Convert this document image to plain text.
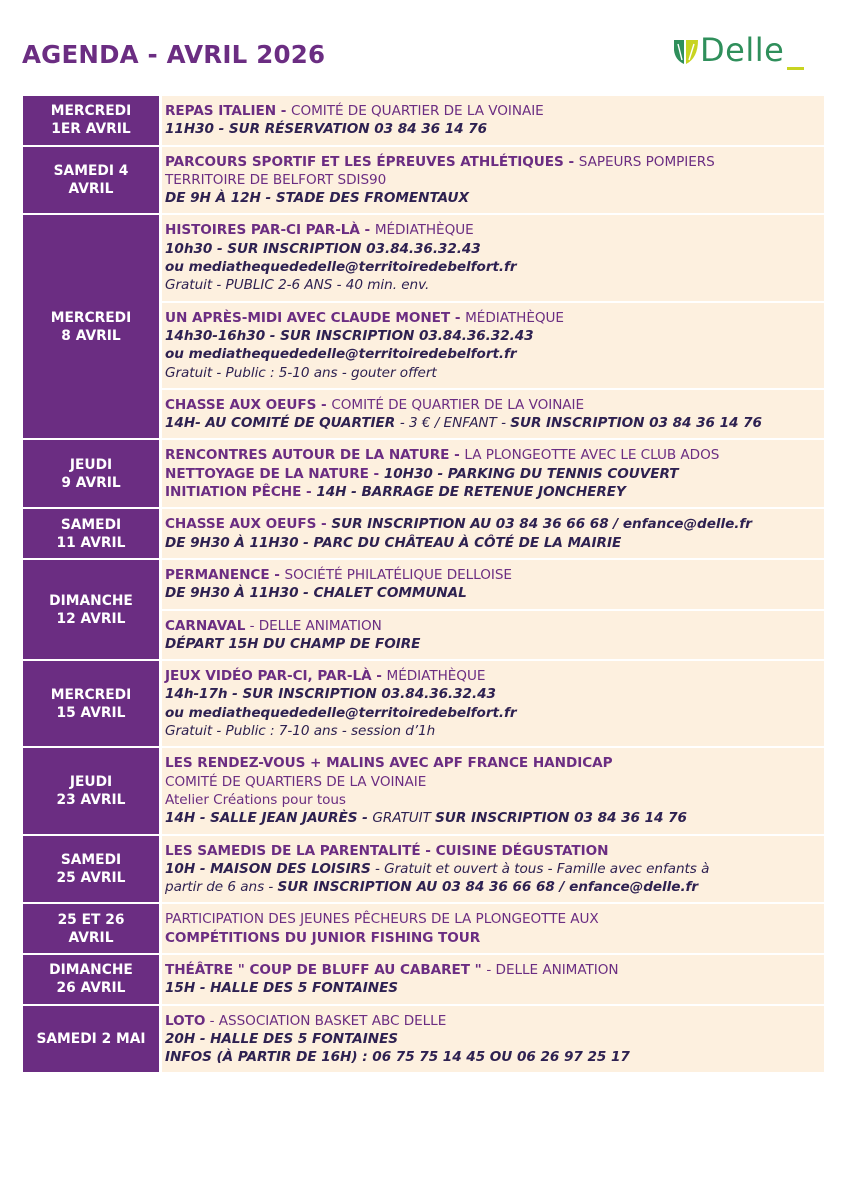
AGENDA - AVRIL 2026	Delle
MERCREDI
1ER AVRIL
REPAS ITALIEN - COMITÉ DE QUARTIER DE LA VOINAIE
11H30 - SUR RÉSERVATION 03 84 36 14 76
SAMEDI 4
AVRIL
PARCOURS SPORTIF ET LES ÉPREUVES ATHLÉTIQUES - SAPEURS POMPIERS
TERRITOIRE DE BELFORT SDIS90
DE 9H À 12H - STADE DES FROMENTAUX
MERCREDI
8 AVRIL
HISTOIRES PAR-CI PAR-LÀ - MÉDIATHÈQUE
10h30 - SUR INSCRIPTION 03.84.36.32.43
ou mediathequededelle@territoiredebelfort.fr
Gratuit - PUBLIC 2-6 ANS - 40 min. env.
UN APRÈS-MIDI AVEC CLAUDE MONET - MÉDIATHÈQUE
14h30-16h30 - SUR INSCRIPTION 03.84.36.32.43
ou mediathequededelle@territoiredebelfort.fr
Gratuit - Public : 5-10 ans - gouter offert
CHASSE AUX OEUFS - COMITÉ DE QUARTIER DE LA VOINAIE
14H- AU COMITÉ DE QUARTIER - 3 € / ENFANT - SUR INSCRIPTION 03 84 36 14 76
JEUDI
9 AVRIL
RENCONTRES AUTOUR DE LA NATURE - LA PLONGEOTTE AVEC LE CLUB ADOS
NETTOYAGE DE LA NATURE - 10H30 - PARKING DU TENNIS COUVERT
INITIATION PÊCHE - 14H - BARRAGE DE RETENUE JONCHEREY
SAMEDI
11 AVRIL
CHASSE AUX OEUFS - SUR INSCRIPTION AU 03 84 36 66 68 / enfance@delle.fr
DE 9H30 À 11H30 - PARC DU CHÂTEAU À CÔTÉ DE LA MAIRIE
DIMANCHE
12 AVRIL
PERMANENCE - SOCIÉTÉ PHILATÉLIQUE DELLOISE
DE 9H30 À 11H30 - CHALET COMMUNAL
CARNAVAL - DELLE ANIMATION
DÉPART 15H DU CHAMP DE FOIRE
MERCREDI
15 AVRIL
JEUX VIDÉO PAR-CI, PAR-LÀ - MÉDIATHÈQUE
14h-17h - SUR INSCRIPTION 03.84.36.32.43
ou mediathequededelle@territoiredebelfort.fr
Gratuit - Public : 7-10 ans - session d’1h
JEUDI
23 AVRIL
LES RENDEZ-VOUS + MALINS AVEC APF FRANCE HANDICAP
COMITÉ DE QUARTIERS DE LA VOINAIE
Atelier Créations pour tous
14H - SALLE JEAN JAURÈS - GRATUIT SUR INSCRIPTION 03 84 36 14 76
SAMEDI
25 AVRIL
LES SAMEDIS DE LA PARENTALITÉ - CUISINE DÉGUSTATION
10H - MAISON DES LOISIRS - Gratuit et ouvert à tous - Famille avec enfants à
partir de 6 ans - SUR INSCRIPTION AU 03 84 36 66 68 / enfance@delle.fr
25 ET 26
AVRIL
PARTICIPATION DES JEUNES PÊCHEURS DE LA PLONGEOTTE AUX
COMPÉTITIONS DU JUNIOR FISHING TOUR
DIMANCHE
26 AVRIL
THÉÂTRE " COUP DE BLUFF AU CABARET " - DELLE ANIMATION
15H - HALLE DES 5 FONTAINES
SAMEDI 2 MAI
LOTO - ASSOCIATION BASKET ABC DELLE
20H - HALLE DES 5 FONTAINES
INFOS (À PARTIR DE 16H) : 06 75 75 14 45 OU 06 26 97 25 17
